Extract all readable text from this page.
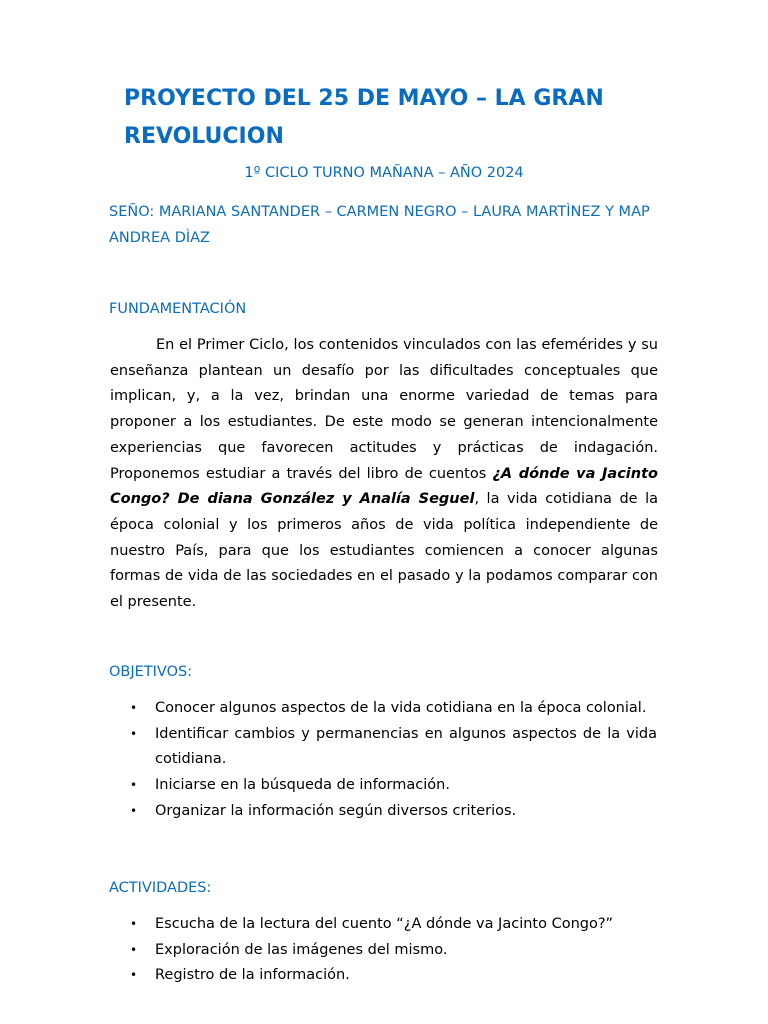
PROYECTO DEL 25 DE MAYO – LA GRAN REVOLUCION
1º CICLO TURNO MAÑANA – AÑO 2024
SEÑO: MARIANA SANTANDER – CARMEN NEGRO – LAURA MARTÌNEZ Y MAP ANDREA DÌAZ
FUNDAMENTACIÓN

En el Primer Ciclo, los contenidos vinculados con las efemérides y su enseñanza plantean un desafío por las dificultades conceptuales que implican, y, a la vez, brindan una enorme variedad de temas para proponer a los estudiantes. De este modo se generan intencionalmente experiencias que favorecen actitudes y prácticas de indagación. Proponemos estudiar a través del libro de cuentos ¿A dónde va Jacinto Congo? De diana González y Analía Seguel, la vida cotidiana de la época colonial y los primeros años de vida política independiente de nuestro País, para que los estudiantes comiencen a conocer algunas formas de vida de las sociedades en el pasado y la podamos comparar con el presente.

OBJETIVOS:
• Conocer algunos aspectos de la vida cotidiana en la época colonial.
• Identificar cambios y permanencias en algunos aspectos de la vida cotidiana.
• Iniciarse en la búsqueda de información.
• Organizar la información según diversos criterios.
ACTIVIDADES:
• Escucha de la lectura del cuento “¿A dónde va Jacinto Congo?”
• Exploración de las imágenes del mismo.
• Registro de la información.
